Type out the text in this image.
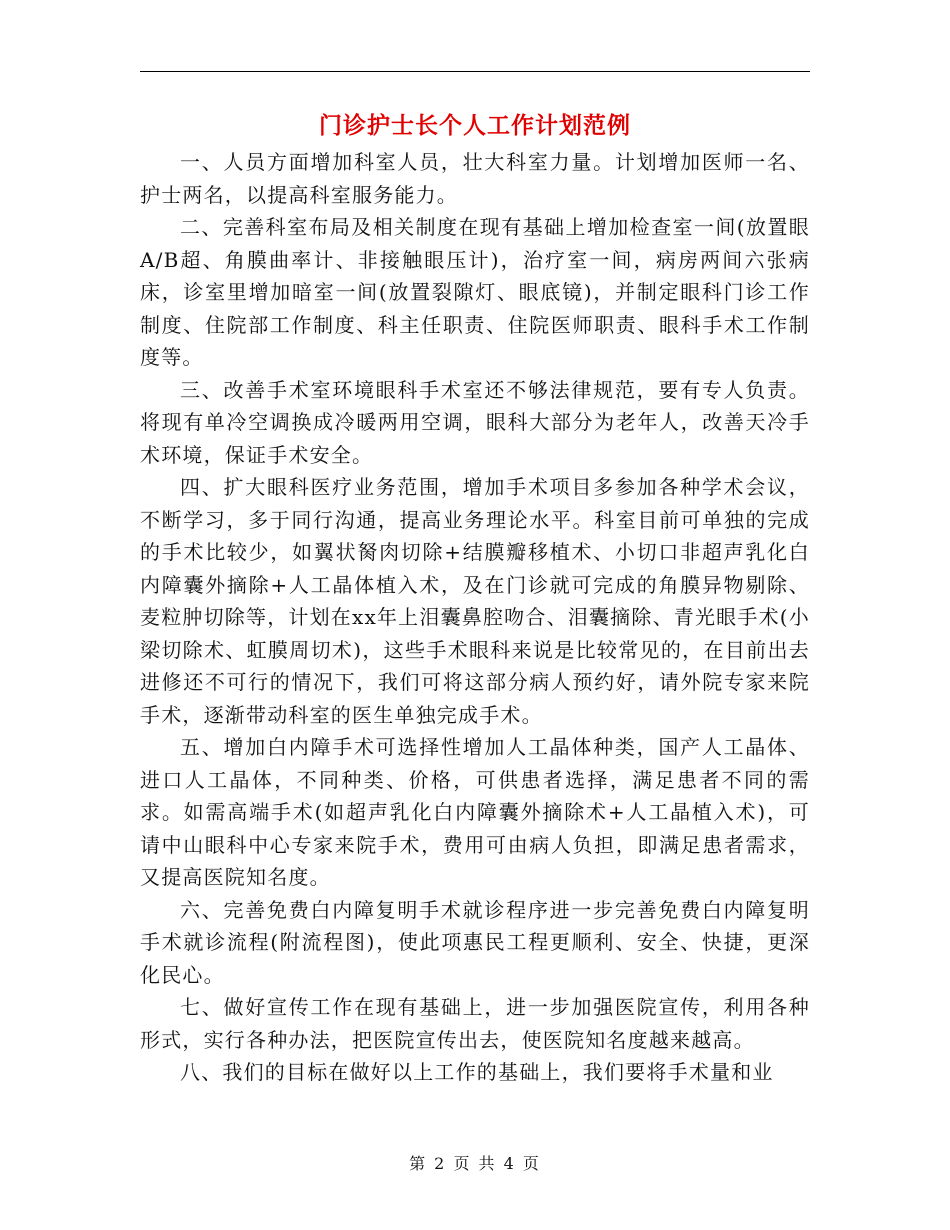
门诊护士长个人工作计划范例

一、人员方面增加科室人员，壮大科室力量。计划增加医师一名、护士两名，以提高科室服务能力。

二、完善科室布局及相关制度在现有基础上增加检查室一间(放置眼A/B超、角膜曲率计、非接触眼压计)，治疗室一间，病房两间六张病床，诊室里增加暗室一间(放置裂隙灯、眼底镜)，并制定眼科门诊工作制度、住院部工作制度、科主任职责、住院医师职责、眼科手术工作制度等。

三、改善手术室环境眼科手术室还不够法律规范，要有专人负责。将现有单冷空调换成冷暖两用空调，眼科大部分为老年人，改善天冷手术环境，保证手术安全。

四、扩大眼科医疗业务范围，增加手术项目多参加各种学术会议，不断学习，多于同行沟通，提高业务理论水平。科室目前可单独的完成的手术比较少，如翼状胬肉切除+结膜瓣移植术、小切口非超声乳化白内障囊外摘除+人工晶体植入术，及在门诊就可完成的角膜异物剔除、麦粒肿切除等，计划在xx年上泪囊鼻腔吻合、泪囊摘除、青光眼手术(小梁切除术、虹膜周切术)，这些手术眼科来说是比较常见的，在目前出去进修还不可行的情况下，我们可将这部分病人预约好，请外院专家来院手术，逐渐带动科室的医生单独完成手术。

五、增加白内障手术可选择性增加人工晶体种类，国产人工晶体、进口人工晶体，不同种类、价格，可供患者选择，满足患者不同的需求。如需高端手术(如超声乳化白内障囊外摘除术+人工晶植入术)，可请中山眼科中心专家来院手术，费用可由病人负担，即满足患者需求，又提高医院知名度。

六、完善免费白内障复明手术就诊程序进一步完善免费白内障复明手术就诊流程(附流程图)，使此项惠民工程更顺利、安全、快捷，更深化民心。

七、做好宣传工作在现有基础上，进一步加强医院宣传，利用各种形式，实行各种办法，把医院宣传出去，使医院知名度越来越高。

八、我们的目标在做好以上工作的基础上，我们要将手术量和业

第 2 页 共 4 页
